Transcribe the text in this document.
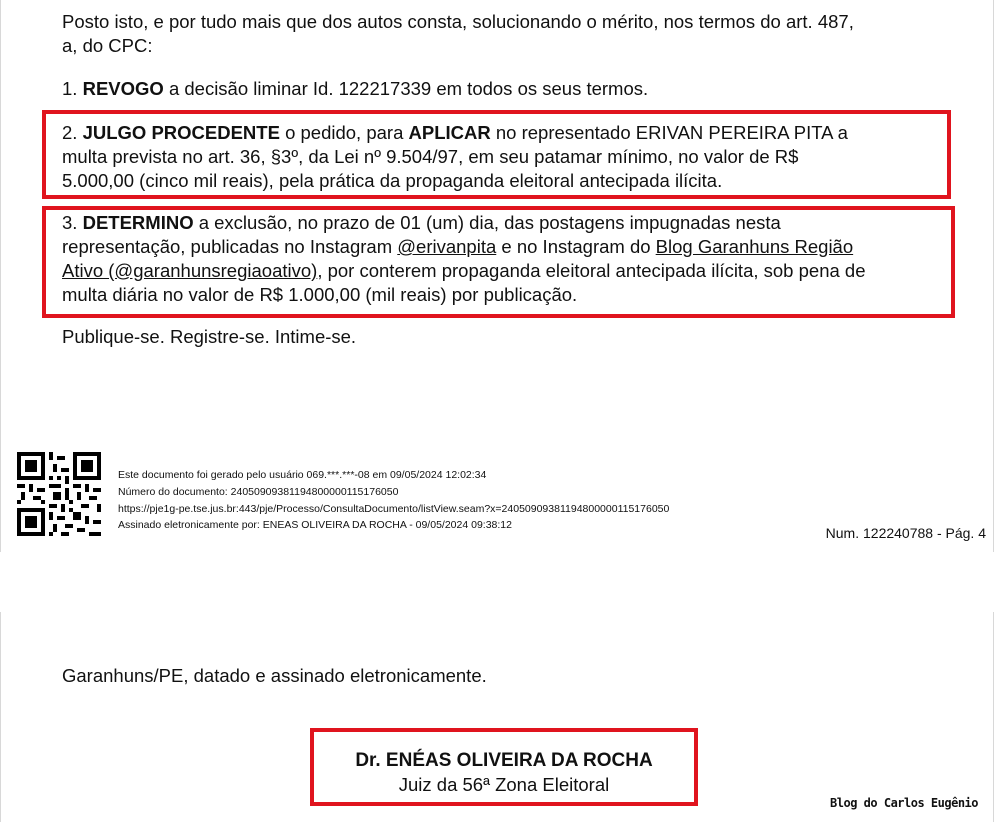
Posto isto, e por tudo mais que dos autos consta, solucionando o mérito, nos termos do art. 487,
a, do CPC:

1. REVOGO a decisão liminar Id. 122217339 em todos os seus termos.

2. JULGO PROCEDENTE o pedido, para APLICAR no representado ERIVAN PEREIRA PITA a
multa prevista no art. 36, §3º, da Lei nº 9.504/97, em seu patamar mínimo, no valor de R$
5.000,00 (cinco mil reais), pela prática da propaganda eleitoral antecipada ilícita.

3. DETERMINO a exclusão, no prazo de 01 (um) dia, das postagens impugnadas nesta
representação, publicadas no Instagram @erivanpita e no Instagram do Blog Garanhuns Região
Ativo (@garanhunsregiaoativo), por conterem propaganda eleitoral antecipada ilícita, sob pena de
multa diária no valor de R$ 1.000,00 (mil reais) por publicação.

Publique-se. Registre-se. Intime-se.

Este documento foi gerado pelo usuário 069.***.***-08 em 09/05/2024 12:02:34
Número do documento: 24050909381194800000115176050
https://pje1g-pe.tse.jus.br:443/pje/Processo/ConsultaDocumento/listView.seam?x=24050909381194800000115176050
Assinado eletronicamente por: ENEAS OLIVEIRA DA ROCHA - 09/05/2024 09:38:12	Num. 122240788 - Pág. 4

Garanhuns/PE, datado e assinado eletronicamente.

Dr. ENÉAS OLIVEIRA DA ROCHA
Juiz da 56ª Zona Eleitoral
Blog do Carlos Eugênio
